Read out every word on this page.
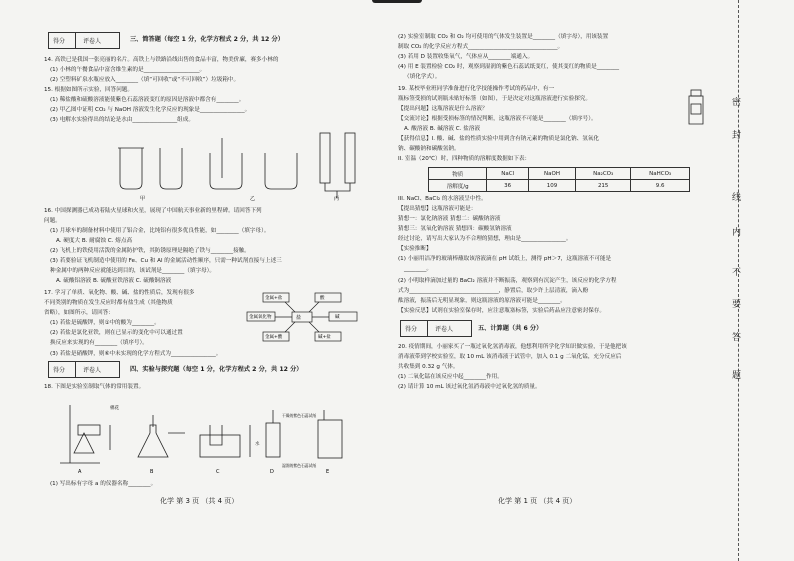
得分	评卷人	三、简答题（每空 1 分，化学方程式 2 分，共 12 分）
14. 高铁已是我国一张亮丽的名片。高铁上与铁路沿线出售的食品丰富，物美价廉，赛多小林的
(1) 小林的午餐食品中富含维生素的是____________________。
(2) 空塑料矿泉水瓶应放入________（填“可回收”或“不可回收”）垃圾箱中。
15. 根据如图所示实验，回答问题。
(1) 稀盐酸和硫酸溶液能使紫色石蕊溶液变红的原因是溶液中都含有________。
(2) 甲乙图中证明 CO₂ 与 NaOH 溶液发生化学反应的现象是________________。
(3) 电解水实验得出的结论是水由________________组成。
甲	乙	丙
16. 中国探测器已成功着陆火星球和火星，展现了中国航天事业新的里程碑。请回答下列
问题。
(1) 月球车的制备材料中使用了铝合金，比纯铝有很多优良性能，如________（填字母）。
A. 硬度大 B. 耐腐蚀 C. 熔点高
(2) 飞机上的铁使用活泼的金属防护铁，其防锈原理是隔绝了铁与________接触。
(3) 若要验证飞机制造中使用的 Fe、Cu 和 Al 的金属活动性顺序，只需一种试剂直接与上述三
种金属中的两种反应就能达到目的，该试剂是________（填字母）。
A. 硫酸铝溶液 B. 硫酸亚铁溶液 C. 硫酸铜溶液
17. 学习了单质、氧化物、酸、碱、盐的性质后，发现有很多
不同类别的物质在发生反应时都有盐生成（其他物质
省略），如图所示，请回答：
(1) 若盐是硫酸钾，则①中的酸为________。
(2) 若盐是氯化亚铁，则在已显示的变化中可以通过置
换反应来实现的有________（填序号）。
(3) 若盐是硝酸钾，则⑥中未实现的化学方程式为________________。
盐
金属+盐	酸
金属氧化物	碱
金属+酸	碱+盐
得分	评卷人	四、实验与探究题（每空 1 分，化学方程式 2 分，共 12 分）
18. 下图是实验室制取气体的常用装置。
A	B	C	D	E
棉花
水
干燥的紫色石蕊试纸
湿润的紫色石蕊试纸
(1) 写出标有字母 a 的仪器名称________。
化学 第 3 页 （共 4 页）
(2) 实验室制取 CO₂ 和 O₂ 均可使用的气体发生装置是________（填字母），用该装置
制取 CO₂ 的化学反应方程式________________________________。
(3) 若用 D 装置收集氧气，气体应从________端通入。
(4) 用 E 装置检验 CO₂ 时，观察到湿润的紫色石蕊试纸变红，使其变红的物质是________
（填化学式）。
19. 某校毕业班同学准备进行化学技能操作考试的药品中，有一
瓶标签受损的试剂瓶未贴好标签（如图），于是决定对这瓶溶液进行实验探究。
【提出问题】这瓶溶液是什么溶液？
【交流讨论】根据受损标签的情况判断，这瓶溶液不可能是________（填序号）。
A. 酸溶液 B. 碱溶液 C. 盐溶液
【获得信息】I. 酸、碱、盐的性质实验中用到含有钠元素的物质是氯化钠、氢氧化
钠、碳酸钠和碳酸氢钠。
II. 室温（20℃）时，四种物质的溶解度数据如下表：
物质	NaCl	NaOH	Na₂CO₃	NaHCO₃
溶解度/g	36	109	215	9.6
III. NaCl、BaCl₂ 的水溶液呈中性。
【提出猜想】这瓶溶液可能是：
猜想一：氯化钠溶液 猜想二：碳酸钠溶液
猜想三：氢氧化钠溶液 猜想四：碳酸氢钠溶液
经过讨论，请写出大家认为不合理的猜想，理由是________________。
【实验推断】
(1) 小丽用洁净的玻璃棒蘸取该溶液滴在 pH 试纸上，测得 pH＞7，这瓶溶液不可能是
________。
(2) 小明取样滴加过量的 BaCl₂ 溶液并不断振荡，观察到有沉淀产生，该反应的化学方程
式为________________________________，静置后，取少许上层清液，滴入酚
酞溶液，振荡后无明显现象，则这瓶溶液的原溶液可能是________。
【实验反思】试剂在实验室保存时，应注意瓶塞标签，实验后药品应注意密封保存。
得分	评卷人	五、计算题（共 6 分）
20. 疫情期间，小丽家买了一瓶过氧化氢消毒液，他想利用所学化学知识做实验，于是他把该
消毒液带到学校实验室，取 10 mL 该消毒液于试管中，加入 0.1 g 二氧化锰，充分反应后
共收集到 0.32 g 气体。
(1) 二氧化锰在该反应中起________作用。
(2) 请计算 10 mL 该过氧化氢消毒液中过氧化氢的质量。
化学 第 1 页 （共 4 页）
密
封
线
内
不
要
答
题
